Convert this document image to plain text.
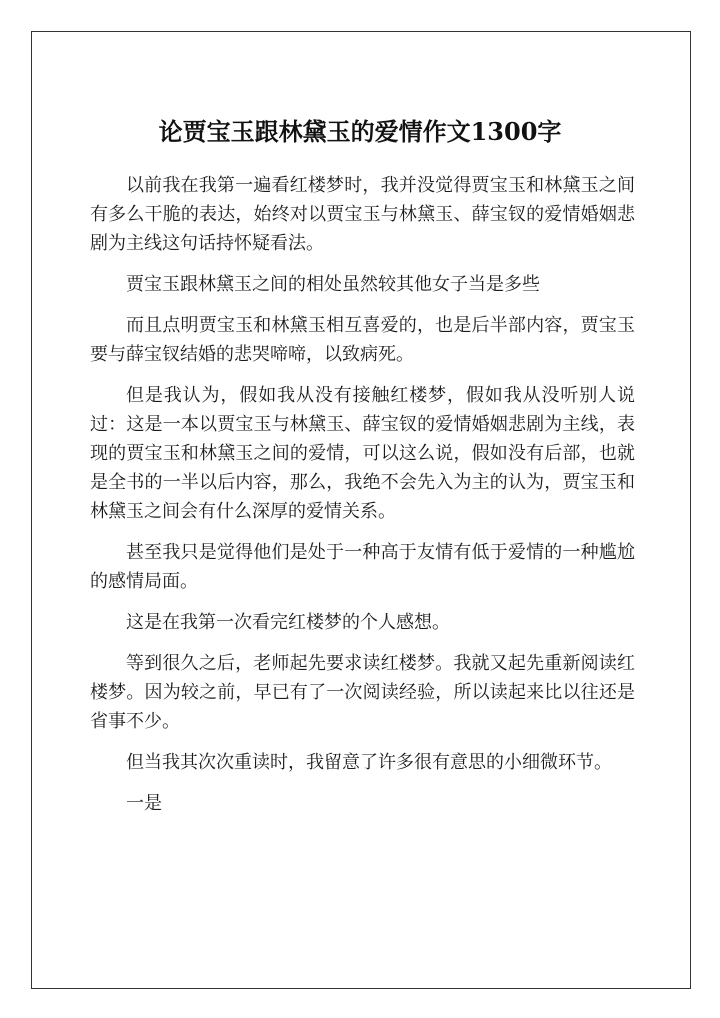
论贾宝玉跟林黛玉的爱情作文1300字

以前我在我第一遍看红楼梦时，我并没觉得贾宝玉和林黛玉之间有多么干脆的表达，始终对以贾宝玉与林黛玉、薛宝钗的爱情婚姻悲剧为主线这句话持怀疑看法。

贾宝玉跟林黛玉之间的相处虽然较其他女子当是多些

而且点明贾宝玉和林黛玉相互喜爱的，也是后半部内容，贾宝玉要与薛宝钗结婚的悲哭啼啼，以致病死。

但是我认为，假如我从没有接触红楼梦，假如我从没听别人说过：这是一本以贾宝玉与林黛玉、薛宝钗的爱情婚姻悲剧为主线，表现的贾宝玉和林黛玉之间的爱情，可以这么说，假如没有后部，也就是全书的一半以后内容，那么，我绝不会先入为主的认为，贾宝玉和林黛玉之间会有什么深厚的爱情关系。

甚至我只是觉得他们是处于一种高于友情有低于爱情的一种尴尬的感情局面。

这是在我第一次看完红楼梦的个人感想。

等到很久之后，老师起先要求读红楼梦。我就又起先重新阅读红楼梦。因为较之前，早已有了一次阅读经验，所以读起来比以往还是省事不少。

但当我其次次重读时，我留意了许多很有意思的小细微环节。

一是
